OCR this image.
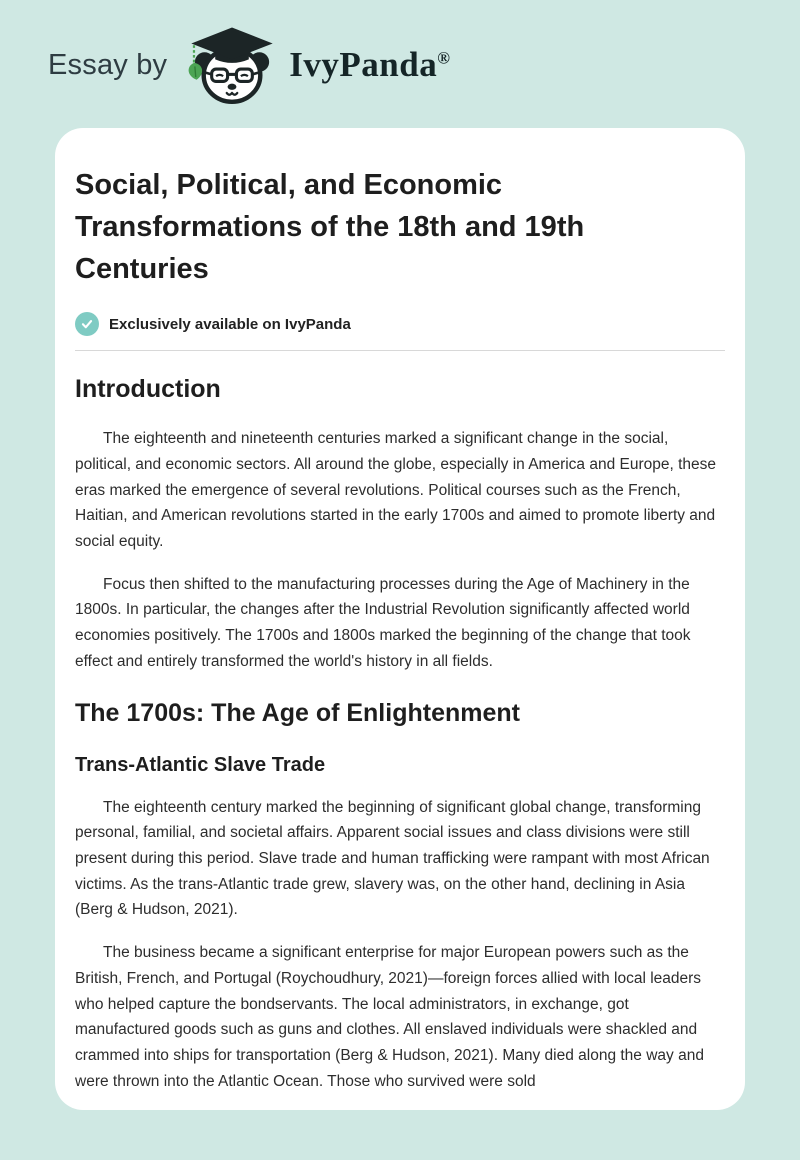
Essay by	IvyPanda®
Social, Political, and Economic Transformations of the 18th and 19th Centuries
Exclusively available on IvyPanda
Introduction

The eighteenth and nineteenth centuries marked a significant change in the social, political, and economic sectors. All around the globe, especially in America and Europe, these eras marked the emergence of several revolutions. Political courses such as the French, Haitian, and American revolutions started in the early 1700s and aimed to promote liberty and social equity.

Focus then shifted to the manufacturing processes during the Age of Machinery in the 1800s. In particular, the changes after the Industrial Revolution significantly affected world economies positively. The 1700s and 1800s marked the beginning of the change that took effect and entirely transformed the world's history in all fields.

The 1700s: The Age of Enlightenment
Trans-Atlantic Slave Trade

The eighteenth century marked the beginning of significant global change, transforming personal, familial, and societal affairs. Apparent social issues and class divisions were still present during this period. Slave trade and human trafficking were rampant with most African victims. As the trans-Atlantic trade grew, slavery was, on the other hand, declining in Asia (Berg & Hudson, 2021).

The business became a significant enterprise for major European powers such as the British, French, and Portugal (Roychoudhury, 2021)—foreign forces allied with local leaders who helped capture the bondservants. The local administrators, in exchange, got manufactured goods such as guns and clothes. All enslaved individuals were shackled and crammed into ships for transportation (Berg & Hudson, 2021). Many died along the way and were thrown into the Atlantic Ocean. Those who survived were sold
